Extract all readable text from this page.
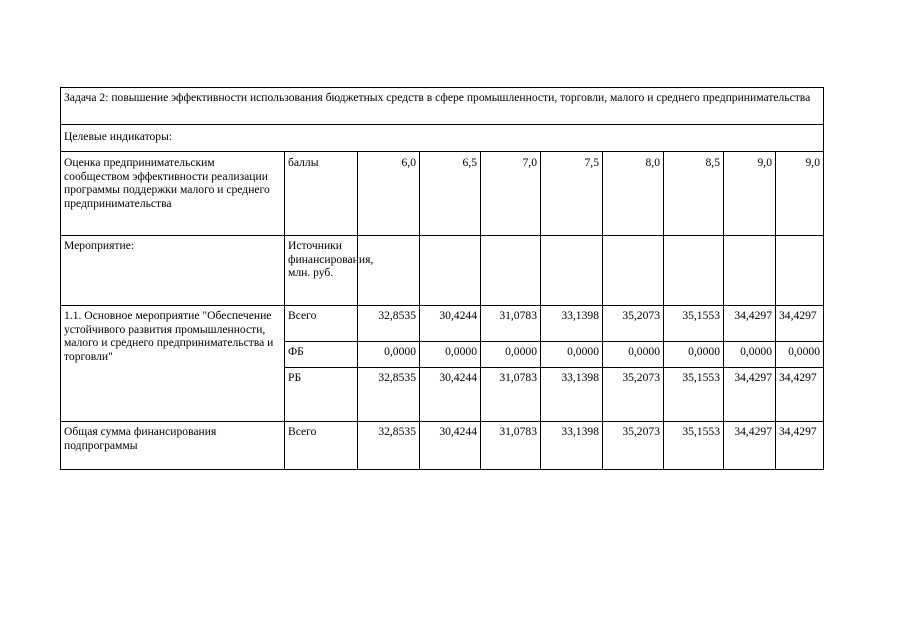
Задача 2: повышение эффективности использования бюджетных средств в сфере промышленности, торговли, малого и среднего предпринимательства									
Целевые индикаторы:									
Оценка предпринимательским сообществом эффективности реализации программы поддержки малого и среднего предпринимательства	баллы	6,0	6,5	7,0	7,5	8,0	8,5	9,0	9,0
Мероприятие:	Источники финансирования, млн. руб.								
1.1. Основное мероприятие "Обеспечение устойчивого развития промышленности, малого и среднего предпринимательства и торговли"	Всего	32,8535	30,4244	31,0783	33,1398	35,2073	35,1553	34,4297	34,4297
	ФБ	0,0000	0,0000	0,0000	0,0000	0,0000	0,0000	0,0000	0,0000
	РБ	32,8535	30,4244	31,0783	33,1398	35,2073	35,1553	34,4297	34,4297
Общая сумма финансирования подпрограммы	Всего	32,8535	30,4244	31,0783	33,1398	35,2073	35,1553	34,4297	34,4297
